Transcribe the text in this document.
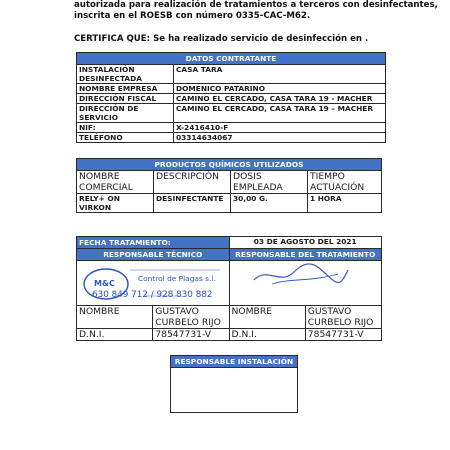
autorizada para realización de tratamientos a terceros con desinfectantes,
inscrita en el ROESB con número 0335-CAC-M62.
CERTIFICA QUE: Se ha realizado servicio de desinfección en .
DATOS CONTRATANTE	
INSTALACIÓN DESINFECTADA	CASA TARA
NOMBRE EMPRESA	DOMENICO PATARINO
DIRECCIÓN FISCAL	CAMINO EL CERCADO, CASA TARA 19 - MACHER
DIRECCIÓN DE SERVICIO	CAMINO EL CERCADO, CASA TARA 19 – MACHER
NIF:	X-2416410-F
TELÉFONO	03314634067
PRODUCTOS QUÍMICOS UTILIZADOS			
NOMBRE COMERCIAL	DESCRIPCIÓN	DOSIS EMPLEADA	TIEMPO ACTUACIÓN
RELY+ ON VIRKON	DESINFECTANTE	30,00 G.	1 HORA
FECHA TRATAMIENTO:		03 DE AGOSTO DEL 2021	
RESPONSABLE TÉCNICO		RESPONSABLE DEL TRATAMIENTO	

NOMBRE	GUSTAVO CURBELO RIJO	NOMBRE	GUSTAVO CURBELO RIJO
D.N.I.	78547731-V	D.N.I.	78547731-V
M&C
Control de Plagas s.l.
630 849 712 / 928 830 882
RESPONSABLE INSTALACIÓN
